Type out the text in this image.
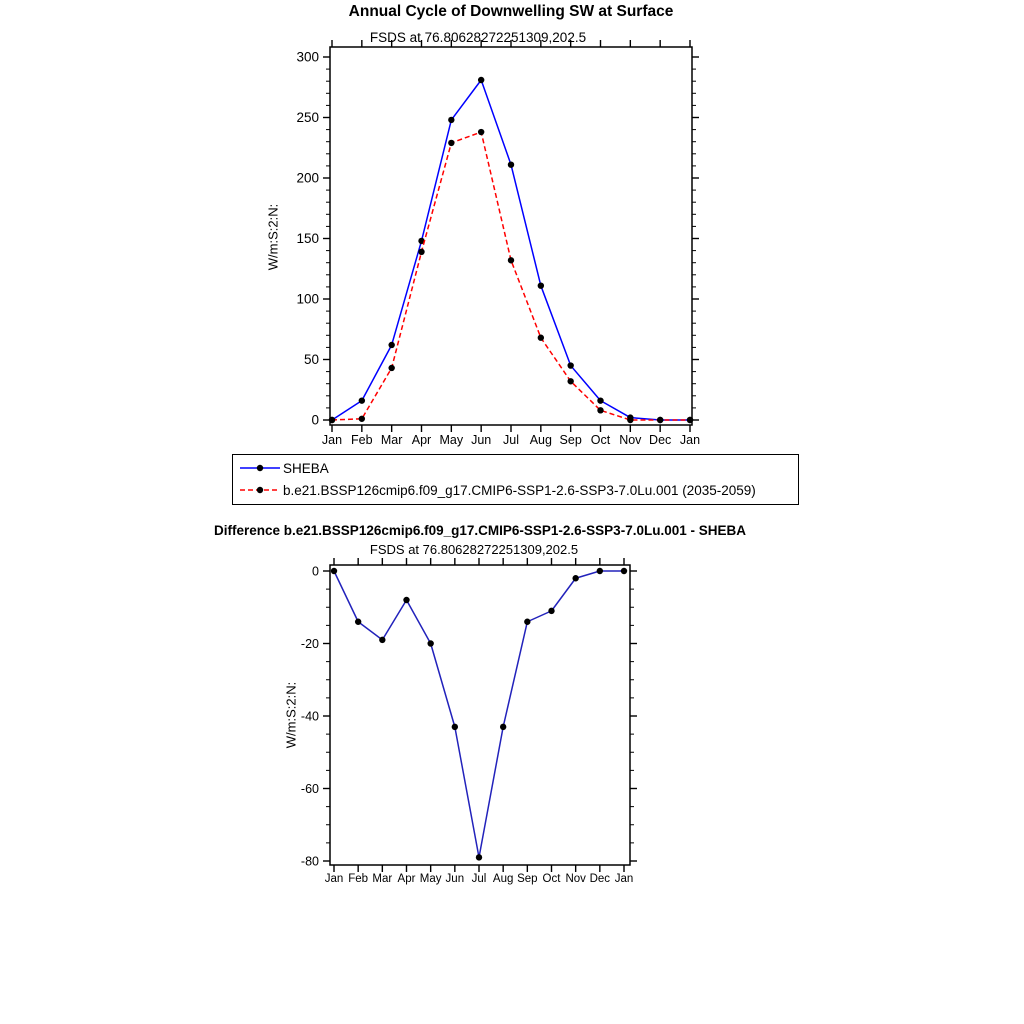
Annual Cycle of Downwelling SW at Surface
FSDS at 76.80628272251309,202.5
W/m:S:2:N:
0
50
100
150
200
250
300
Jan Feb Mar Apr May Jun Jul Aug Sep Oct Nov Dec Jan
SHEBA
b.e21.BSSP126cmip6.f09_g17.CMIP6-SSP1-2.6-SSP3-7.0Lu.001 (2035-2059)
Difference b.e21.BSSP126cmip6.f09_g17.CMIP6-SSP1-2.6-SSP3-7.0Lu.001 - SHEBA
FSDS at 76.80628272251309,202.5
W/m:S:2:N:
0
-20
-40
-60
-80
Jan Feb Mar Apr May Jun Jul Aug Sep Oct Nov Dec Jan
